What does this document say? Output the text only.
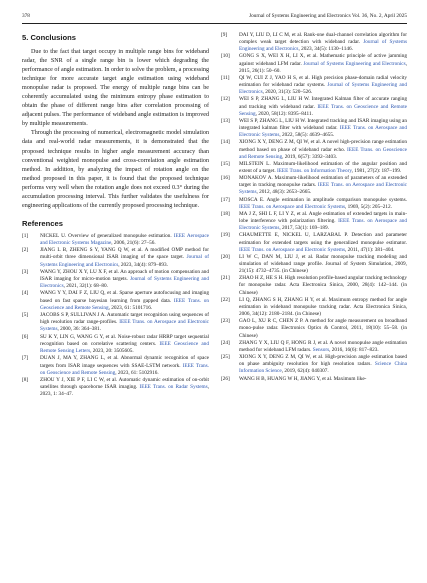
378	Journal of Systems Engineering and Electronics Vol. 36, No. 2, April 2025
5. Conclusions

Due to the fact that target occupy in multiple range bins for wideband radar, the SNR of a single range bin is lower which degrading the performance of angle estimation. In order to solve the problem, a processing technique for more accurate target angle estimation using wideband monopulse radar is proposed. The energy of multiple range bins can be coherently accumulated using the minimum entropy phase estimation to obtain the phase of different range bins after correlation processing of adjacent pulses. The performance of wideband angle estimation is improved by multiple measurements.

Through the processing of numerical, electromagnetic model simulation data and real-world radar measurements, it is demonstrated that the proposed technique results in higher angle measurement accuracy than conventional weighted monopulse and cross-correlation angle estimation method. In addition, by analyzing the impact of rotation angle on the method proposed in this paper, it is found that the proposed technique performs very well when the rotation angle does not exceed 0.3° during the accumulation processing interval. This further validates the usefulness for engineering applications of the currently proposed processing technique.

References
[1] NICKEL U. Overview of generalized monopulse estimation. IEEE Aerospace and Electronic Systems Magazine, 2006, 21(6): 27–56.
[2] JIANG L B, ZHENG S Y, YANG Q W, et al. A modified OMP method for multi-orbit three dimensional ISAR imaging of the space target. Journal of Systems Engineering and Electronics, 2023, 34(4): 879–893.
[3] WANG Y, ZHOU X Y, LU X F, et al. An approach of motion compensation and ISAR imaging for micro-motion targets. Journal of Systems Engineering and Electronics, 2021, 32(1): 68–80.
[4] WANG Y Y, DAI F Z, LIU Q, et al. Sparse aperture autofocusing and imaging based on fast sparse bayesian learning from gapped data. IEEE Trans. on Geoscience and Remote Sensing, 2023, 61: 5101716.
[5] JACOBS S P, SULLIVAN J A. Automatic target recognition using sequences of high resolution radar range-profiles. IEEE Trans. on Aerospace and Electronic Systems, 2000, 36: 364–381.
[6] SU K Y, LIN G, WANG G Y, et al. Noise-robust radar HRRP target sequential recognition based on correlative scattering centers. IEEE Geoscience and Remote Sensing Letters, 2023, 20: 3505605.
[7] DUAN J, MA Y, ZHANG L, et al. Abnormal dynamic recognition of space targets from ISAR image sequences with SSAE-LSTM network. IEEE Trans. on Geoscience and Remote Sensing, 2023, 61: 5102916.
[8] ZHOU Y J, XIE P F, LI C W, et al. Automatic dynamic estimation of on-orbit satellites through spaceborne ISAR imaging. IEEE Trans. on Radar Systems, 2023, 1: 34–47.
[9] DAI Y, LIU D, LI C M, et al. Rank-one dual-channel correlation algorithm for complex weak target detection with wideband radar. Journal of Systems Engineering and Electronics, 2023, 34(5): 1130–1146.
[10] GONG S X, WEI X H, LI X, et al. Mathematic principle of active jamming against wideband LFM radar. Journal of Systems Engineering and Electronics, 2015, 26(1): 50–60.
[11] QI W, CUI Z J, YAO H S, et al. High precision phase-domain radial velocity estimation for wideband radar systems. Journal of Systems Engineering and Electronics, 2020, 31(3): 520–526.
[12] WEI S P, ZHANG L, LIU H W. Integrated Kalman filter of accurate ranging and tracking with wideband radar. IEEE Trans. on Geoscience and Remote Sensing, 2020, 58(12): 8395–8411.
[13] WEI S P, ZHANG L, LIU H W. Integrated tracking and ISAR imaging using an integrated kalman filter with wideband radar. IEEE Trans. on Aerospace and Electronic Systems, 2022, 58(5): 4639–4655.
[14] XIONG X Y, DENG Z M, QI W, et al. A novel high-precision range estimation method based on phase of wideband radar echo. IEEE Trans. on Geoscience and Remote Sensing, 2019, 6(57): 3392–3403.
[15] MILSTEIN L. Maximum-likelihood estimation of the angular position and extent of a target. IEEE Trans. on Information Theory, 1981, 27(2): 187–199.
[16] MONAKOV A. Maximum-likelihood estimation of parameters of an extended target in tracking monopulse radars. IEEE Trans. on Aerospace and Electronic Systems, 2012, 48(3): 2653–2665.
[17] MOSCA E. Angle estimation in amplitude comparison monopulse systems. IEEE Trans. on Aerospace and Electronic Systems, 1969, 5(2): 205–212.
[18] MA J Z, SHI L F, LI Y Z, et al. Angle estimation of extended targets in main-lobe interference with polarization filtering. IEEE Trans. on Aerospace and Electronic Systems, 2017, 53(1): 169–189.
[19] CHAUMETTE E, NICKEL U, LARZABAL P. Detection and parameter estimation for extended targets using the generalized monopulse estimator. IEEE Trans. on Aerospace and Electronic Systems, 2011, 47(1): 381–404.
[20] LI W C, DAN M, LIU J, et al. Radar monopulse tracking modeling and simulation of wideband range profile. Journal of System Simulation, 2009, 21(15): 4732–4735. (in Chinese)
[21] ZHAO H Z, HE S H. High resolution profile-based angular tracking technology for monopulse radar. Acta Electronica Sinica, 2000, 28(4): 142–144. (in Chinese)
[22] LI Q, ZHANG S H, ZHANG H Y, et al. Maximum entropy method for angle estimation in wideband monopulse tracking radar. Acta Electronica Sinica, 2006, 34(12): 2180–2184. (in Chinese)
[23] GAO L, XU R C, CHEN Z P. A method for angle measurement on broadband mono-pulse radar. Electronics Optics & Control, 2011, 18(10): 55–58. (in Chinese)
[24] ZHANG Y X, LIU Q F, HONG R J, et al. A novel monopulse angle estimation method for wideband LFM radars. Sensors, 2016, 16(6): 817–823.
[25] XIONG X Y, DENG Z M, QI W, et al. High-precision angle estimation based on phase ambiguity resolution for high resolution radars. Science China Information Science, 2019, 62(4): 040307.
[26] WANG H B, HUANG W H, JIANG Y, et al. Maximum like-
